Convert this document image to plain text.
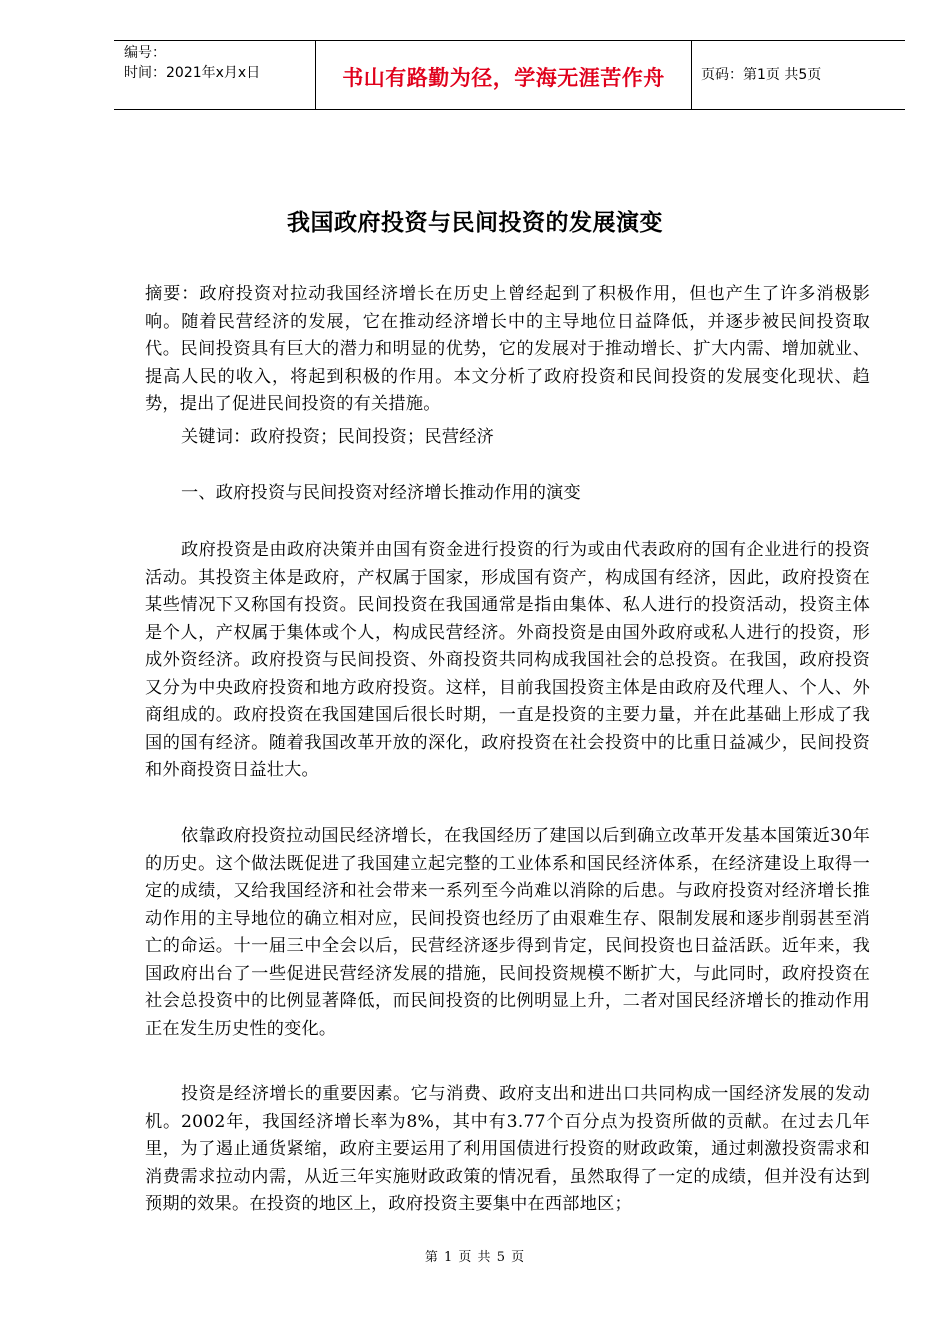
编号：
时间：2021年x月x日	书山有路勤为径，学海无涯苦作舟	页码：第1页 共5页
我国政府投资与民间投资的发展演变

摘要：政府投资对拉动我国经济增长在历史上曾经起到了积极作用，但也产生了许多消极影响。随着民营经济的发展，它在推动经济增长中的主导地位日益降低，并逐步被民间投资取代。民间投资具有巨大的潜力和明显的优势，它的发展对于推动增长、扩大内需、增加就业、提高人民的收入，将起到积极的作用。本文分析了政府投资和民间投资的发展变化现状、趋势，提出了促进民间投资的有关措施。

关键词：政府投资；民间投资；民营经济

一、政府投资与民间投资对经济增长推动作用的演变

政府投资是由政府决策并由国有资金进行投资的行为或由代表政府的国有企业进行的投资活动。其投资主体是政府，产权属于国家，形成国有资产，构成国有经济，因此，政府投资在某些情况下又称国有投资。民间投资在我国通常是指由集体、私人进行的投资活动，投资主体是个人，产权属于集体或个人，构成民营经济。外商投资是由国外政府或私人进行的投资，形成外资经济。政府投资与民间投资、外商投资共同构成我国社会的总投资。在我国，政府投资又分为中央政府投资和地方政府投资。这样，目前我国投资主体是由政府及代理人、个人、外商组成的。政府投资在我国建国后很长时期，一直是投资的主要力量，并在此基础上形成了我国的国有经济。随着我国改革开放的深化，政府投资在社会投资中的比重日益减少，民间投资和外商投资日益壮大。

依靠政府投资拉动国民经济增长，在我国经历了建国以后到确立改革开发基本国策近30年的历史。这个做法既促进了我国建立起完整的工业体系和国民经济体系，在经济建设上取得一定的成绩，又给我国经济和社会带来一系列至今尚难以消除的后患。与政府投资对经济增长推动作用的主导地位的确立相对应，民间投资也经历了由艰难生存、限制发展和逐步削弱甚至消亡的命运。十一届三中全会以后，民营经济逐步得到肯定，民间投资也日益活跃。近年来，我国政府出台了一些促进民营经济发展的措施，民间投资规模不断扩大，与此同时，政府投资在社会总投资中的比例显著降低，而民间投资的比例明显上升，二者对国民经济增长的推动作用正在发生历史性的变化。

投资是经济增长的重要因素。它与消费、政府支出和进出口共同构成一国经济发展的发动机。2002年，我国经济增长率为8%，其中有3.77个百分点为投资所做的贡献。在过去几年里，为了遏止通货紧缩，政府主要运用了利用国债进行投资的财政政策，通过刺激投资需求和消费需求拉动内需，从近三年实施财政政策的情况看，虽然取得了一定的成绩，但并没有达到预期的效果。在投资的地区上，政府投资主要集中在西部地区；

第 1 页 共 5 页
